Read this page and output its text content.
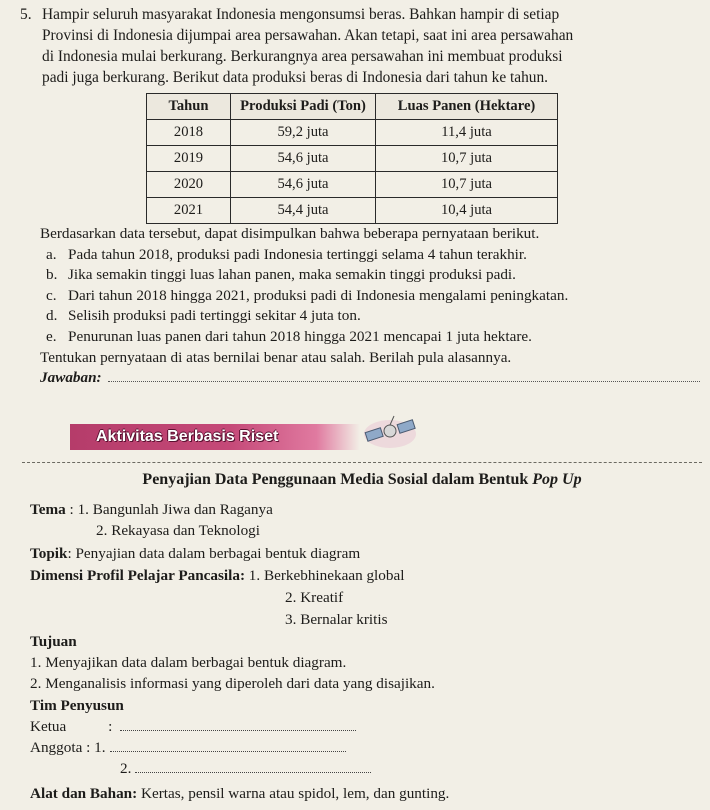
5. Hampir seluruh masyarakat Indonesia mengonsumsi beras. Bahkan hampir di setiap
Provinsi di Indonesia dijumpai area persawahan. Akan tetapi, saat ini area persawahan
di Indonesia mulai berkurang. Berkurangnya area persawahan ini membuat produksi
padi juga berkurang. Berikut data produksi beras di Indonesia dari tahun ke tahun.
Tahun	Produksi Padi (Ton)	Luas Panen (Hektare)
2018	59,2 juta	11,4 juta
2019	54,6 juta	10,7 juta
2020	54,6 juta	10,7 juta
2021	54,4 juta	10,4 juta
Berdasarkan data tersebut, dapat disimpulkan bahwa beberapa pernyataan berikut.
a. Pada tahun 2018, produksi padi Indonesia tertinggi selama 4 tahun terakhir.
b. Jika semakin tinggi luas lahan panen, maka semakin tinggi produksi padi.
c. Dari tahun 2018 hingga 2021, produksi padi di Indonesia mengalami peningkatan.
d. Selisih produksi padi tertinggi sekitar 4 juta ton.
e. Penurunan luas panen dari tahun 2018 hingga 2021 mencapai 1 juta hektare.
Tentukan pernyataan di atas bernilai benar atau salah. Berilah pula alasannya.
Jawaban:
Aktivitas Berbasis Riset
Penyajian Data Penggunaan Media Sosial dalam Bentuk Pop Up
Tema : 1. Bangunlah Jiwa dan Raganya
2. Rekayasa dan Teknologi
Topik: Penyajian data dalam berbagai bentuk diagram
Dimensi Profil Pelajar Pancasila: 1. Berkebhinekaan global
2. Kreatif
3. Bernalar kritis
Tujuan
1. Menyajikan data dalam berbagai bentuk diagram.
2. Menganalisis informasi yang diperoleh dari data yang disajikan.
Tim Penyusun
Ketua	:
Anggota : 1.
2.
Alat dan Bahan: Kertas, pensil warna atau spidol, lem, dan gunting.
